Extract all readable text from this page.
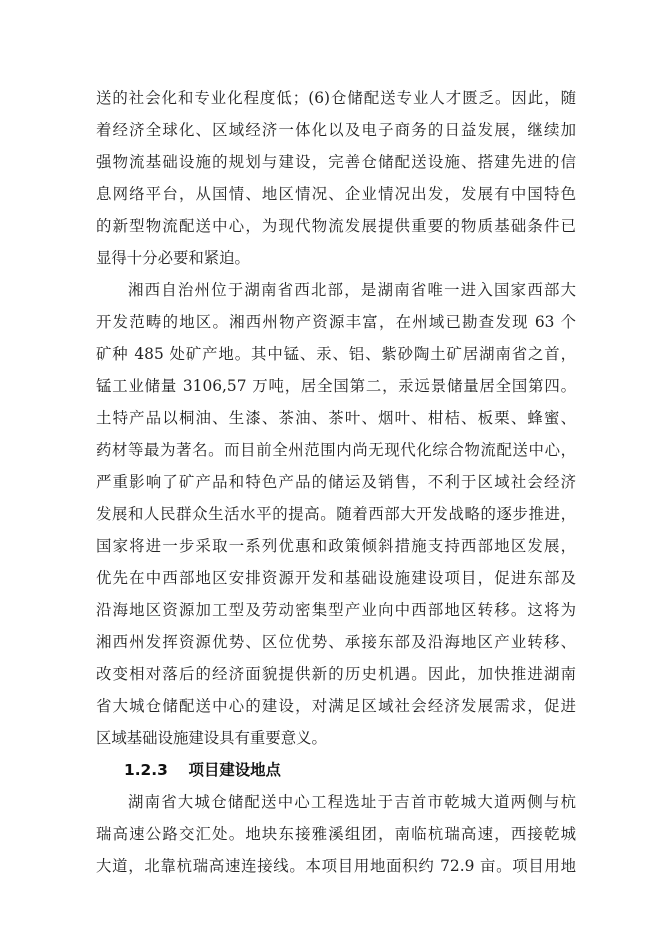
送的社会化和专业化程度低；(6)仓储配送专业人才匮乏。因此，随
着经济全球化、区域经济一体化以及电子商务的日益发展，继续加
强物流基础设施的规划与建设，完善仓储配送设施、搭建先进的信
息网络平台，从国情、地区情况、企业情况出发，发展有中国特色
的新型物流配送中心，为现代物流发展提供重要的物质基础条件已
显得十分必要和紧迫。
湘西自治州位于湖南省西北部，是湖南省唯一进入国家西部大
开发范畴的地区。湘西州物产资源丰富，在州域已勘查发现 63 个
矿种 485 处矿产地。其中锰、汞、铝、紫砂陶土矿居湖南省之首，
锰工业储量 3106,57 万吨，居全国第二，汞远景储量居全国第四。
土特产品以桐油、生漆、茶油、茶叶、烟叶、柑桔、板栗、蜂蜜、
药材等最为著名。而目前全州范围内尚无现代化综合物流配送中心，
严重影响了矿产品和特色产品的储运及销售，不利于区域社会经济
发展和人民群众生活水平的提高。随着西部大开发战略的逐步推进，
国家将进一步采取一系列优惠和政策倾斜措施支持西部地区发展，
优先在中西部地区安排资源开发和基础设施建设项目，促进东部及
沿海地区资源加工型及劳动密集型产业向中西部地区转移。这将为
湘西州发挥资源优势、区位优势、承接东部及沿海地区产业转移、
改变相对落后的经济面貌提供新的历史机遇。因此，加快推进湖南
省大城仓储配送中心的建设，对满足区域社会经济发展需求，促进
区域基础设施建设具有重要意义。
1.2.3 项目建设地点
湖南省大城仓储配送中心工程选址于吉首市乾城大道两侧与杭
瑞高速公路交汇处。地块东接雅溪组团，南临杭瑞高速，西接乾城
大道，北靠杭瑞高速连接线。本项目用地面积约 72.9 亩。项目用地
